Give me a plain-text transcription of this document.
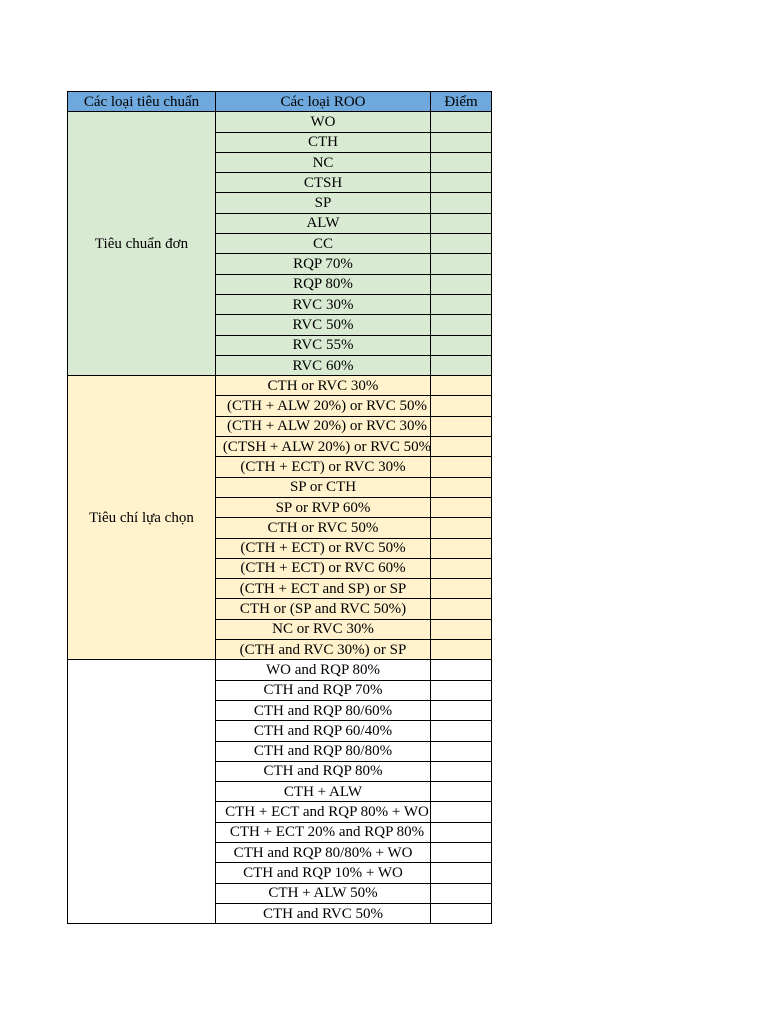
Các loại tiêu chuẩn	Các loại ROO	Điểm
Tiêu chuẩn đơn	WO	
	CTH	
	NC	
	CTSH	
	SP	
	ALW	
	CC	
	RQP 70%	
	RQP 80%	
	RVC 30%	
	RVC 50%	
	RVC 55%	
	RVC 60%	
Tiêu chí lựa chọn	CTH or RVC 30%	

	(CTH + ALW 20%) or RVC 50%	

	(CTH + ALW 20%) or RVC 30%	

	(CTSH + ALW 20%) or RVC 50%	

	(CTH + ECT) or RVC 30%	
	SP or CTH	
	SP or RVP 60%	
	CTH or RVC 50%	
	(CTH + ECT) or RVC 50%	
	(CTH + ECT) or RVC 60%	
	(CTH + ECT and SP) or SP	
	CTH or (SP and RVC 50%)	
	NC or RVC 30%	
	(CTH and RVC 30%) or SP	
	WO and RQP 80%	
	CTH and RQP 70%	
	CTH and RQP 80/60%	
	CTH and RQP 60/40%	
	CTH and RQP 80/80%	
	CTH and RQP 80%	
	CTH + ALW	

	CTH + ECT and RQP 80% + WO	

	CTH + ECT 20% and RQP 80%	

	CTH and RQP 80/80% + WO	
	CTH and RQP 10% + WO	
	CTH + ALW 50%	
	CTH and RVC 50%	
